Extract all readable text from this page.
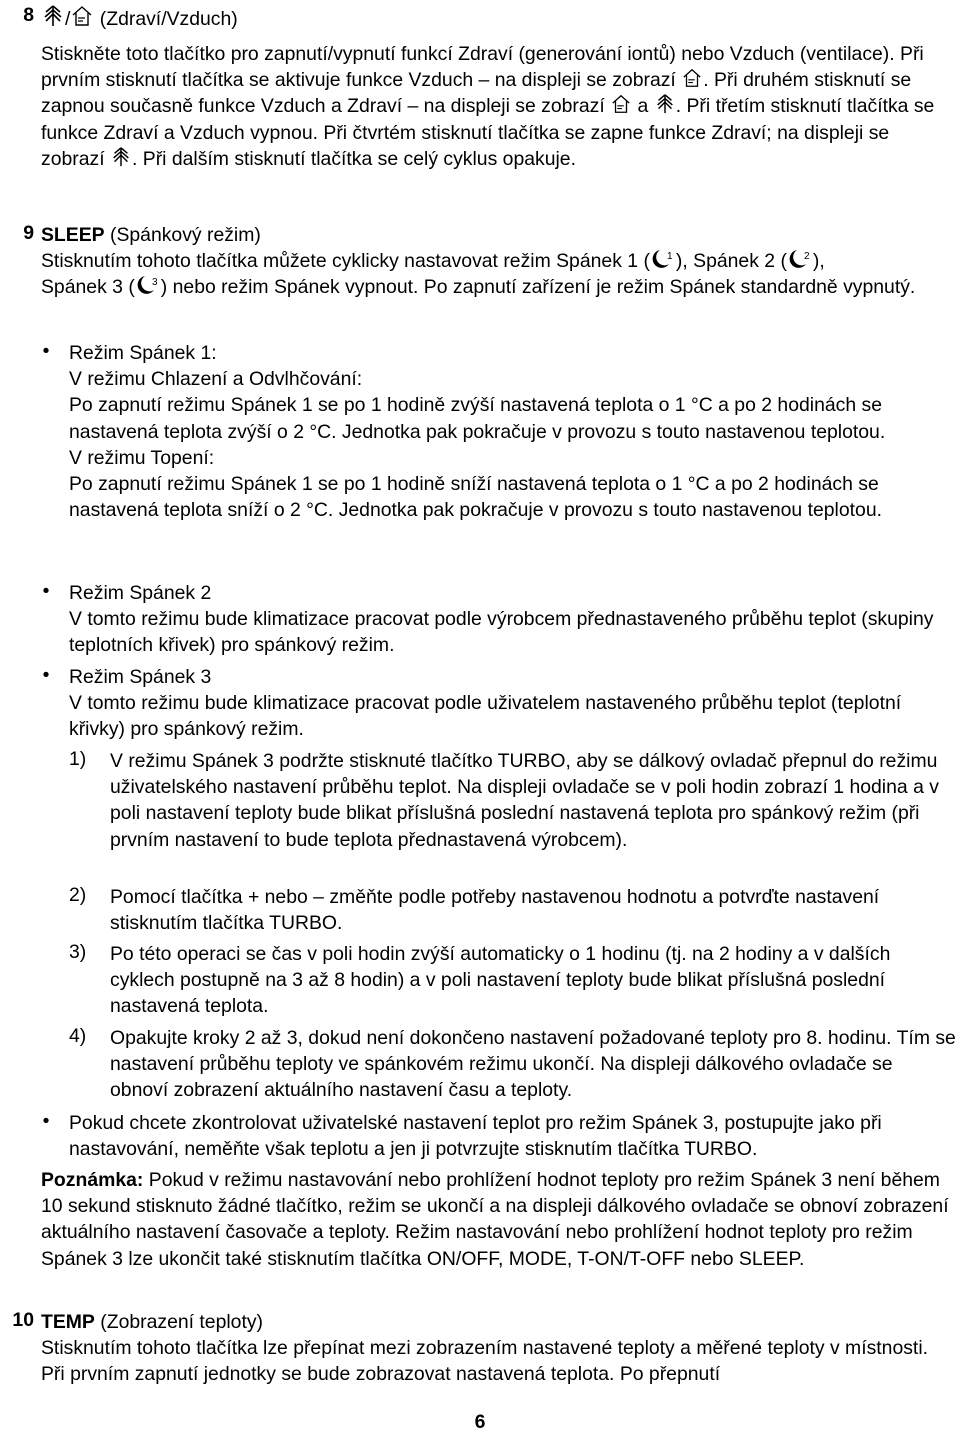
8	/ (Zdraví/Vzduch)

Stiskněte toto tlačítko pro zapnutí/vypnutí funkcí Zdraví (generování iontů) nebo Vzduch (ventilace). Při prvním stisknutí tlačítka se aktivuje funkce Vzduch – na displeji se zobrazí . Při druhém stisknutí se zapnou současně funkce Vzduch a Zdraví – na displeji se zobrazí a . Při třetím stisknutí tlačítka se funkce Zdraví a Vzduch vypnou. Při čtvrtém stisknutí tlačítka se zapne funkce Zdraví; na displeji se zobrazí . Při dalším stisknutí tlačítka se celý cyklus opakuje.

9 SLEEP (Spánkový režim)

Stisknutím tohoto tlačítka můžete cyklicky nastavovat režim Spánek 1 ( 1 ), Spánek 2 ( 2 ),
Spánek 3 ( 3 ) nebo režim Spánek vypnout. Po zapnutí zařízení je režim Spánek standardně vypnutý.

•	Režim Spánek 1:

V režimu Chlazení a Odvlhčování:

Po zapnutí režimu Spánek 1 se po 1 hodině zvýší nastavená teplota o 1 °C a po 2 hodinách se nastavená teplota zvýší o 2 °C. Jednotka pak pokračuje v provozu s touto nastavenou teplotou.

V režimu Topení:

Po zapnutí režimu Spánek 1 se po 1 hodině sníží nastavená teplota o 1 °C a po 2 hodinách se nastavená teplota sníží o 2 °C. Jednotka pak pokračuje v provozu s touto nastavenou teplotou.

•	Režim Spánek 2

V tomto režimu bude klimatizace pracovat podle výrobcem přednastaveného průběhu teplot (skupiny teplotních křivek) pro spánkový režim.

•	Režim Spánek 3

V tomto režimu bude klimatizace pracovat podle uživatelem nastaveného průběhu teplot (teplotní křivky) pro spánkový režim.

1)	V režimu Spánek 3 podržte stisknuté tlačítko TURBO, aby se dálkový ovladač přepnul do režimu uživatelského nastavení průběhu teplot. Na displeji ovladače se v poli hodin zobrazí 1 hodina a v poli nastavení teploty bude blikat příslušná poslední nastavená teplota pro spánkový režim (při prvním nastavení to bude teplota přednastavená výrobcem).
2)	Pomocí tlačítka + nebo – změňte podle potřeby nastavenou hodnotu a potvrďte nastavení stisknutím tlačítka TURBO.
3)	Po této operaci se čas v poli hodin zvýší automaticky o 1 hodinu (tj. na 2 hodiny a v dalších cyklech postupně na 3 až 8 hodin) a v poli nastavení teploty bude blikat příslušná poslední nastavená teplota.
4)	Opakujte kroky 2 až 3, dokud není dokončeno nastavení požadované teploty pro 8. hodinu. Tím se nastavení průběhu teploty ve spánkovém režimu ukončí. Na displeji dálkového ovladače se obnoví zobrazení aktuálního nastavení času a teploty.
•	Pokud chcete zkontrolovat uživatelské nastavení teplot pro režim Spánek 3, postupujte jako při nastavování, neměňte však teplotu a jen ji potvrzujte stisknutím tlačítka TURBO.
Poznámka: Pokud v režimu nastavování nebo prohlížení hodnot teploty pro režim Spánek 3 není během 10 sekund stisknuto žádné tlačítko, režim se ukončí a na displeji dálkového ovladače se obnoví zobrazení aktuálního nastavení časovače a teploty. Režim nastavování nebo prohlížení hodnot teploty pro režim Spánek 3 lze ukončit také stisknutím tlačítka ON/OFF, MODE, T-ON/T-OFF nebo SLEEP.
10 TEMP (Zobrazení teploty)
Stisknutím tohoto tlačítka lze přepínat mezi zobrazením nastavené teploty a měřené teploty v místnosti. Při prvním zapnutí jednotky se bude zobrazovat nastavená teplota. Po přepnutí
6
